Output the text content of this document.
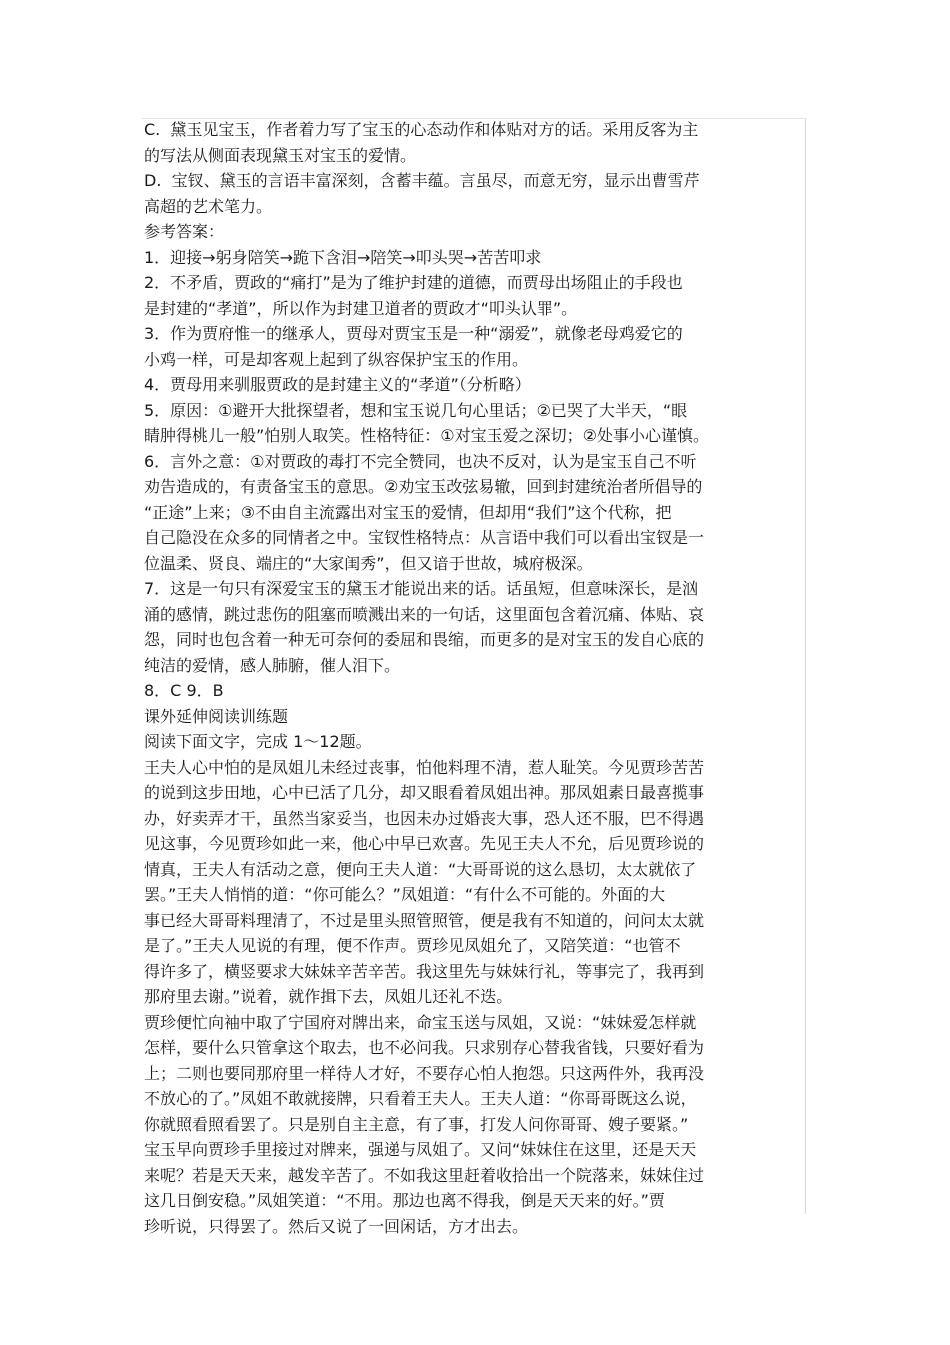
C.  黛玉见宝玉，作者着力写了宝玉的心态动作和体贴对方的话。采用反客为主
的写法从侧面表现黛玉对宝玉的爱情。
D.  宝钗、黛玉的言语丰富深刻，含蓄丰蕴。言虽尽，而意无穷，显示出曹雪芹
高超的艺术笔力。
参考答案：
1．迎接→躬身陪笑→跪下含泪→陪笑→叩头哭→苦苦叩求
2．不矛盾，贾政的“痛打”是为了维护封建的道德，而贾母出场阻止的手段也
是封建的“孝道”，所以作为封建卫道者的贾政才“叩头认罪”。
3．作为贾府惟一的继承人，贾母对贾宝玉是一种“溺爱”，就像老母鸡爱它的
小鸡一样，可是却客观上起到了纵容保护宝玉的作用。
4．贾母用来驯服贾政的是封建主义的“孝道”（分析略）
5．原因：①避开大批探望者，想和宝玉说几句心里话；②已哭了大半天，“眼
睛肿得桃儿一般”怕别人取笑。性格特征：①对宝玉爱之深切；②处事小心谨慎。
6．言外之意：①对贾政的毒打不完全赞同，也决不反对，认为是宝玉自己不听
劝告造成的，有责备宝玉的意思。②劝宝玉改弦易辙，回到封建统治者所倡导的
“正途”上来；③不由自主流露出对宝玉的爱情，但却用“我们”这个代称，把
自己隐没在众多的同情者之中。宝钗性格特点：从言语中我们可以看出宝钗是一
位温柔、贤良、端庄的“大家闺秀”，但又谙于世故，城府极深。
7．这是一句只有深爱宝玉的黛玉才能说出来的话。话虽短，但意味深长，是汹
涌的感情，跳过悲伤的阻塞而喷溅出来的一句话，这里面包含着沉痛、体贴、哀
怨，同时也包含着一种无可奈何的委屈和畏缩，而更多的是对宝玉的发自心底的
纯洁的爱情，感人肺腑，催人泪下。
8．C 9．B
课外延伸阅读训练题
阅读下面文字，完成 1～12题。
王夫人心中怕的是凤姐儿未经过丧事，怕他料理不清，惹人耻笑。今见贾珍苦苦
的说到这步田地，心中已活了几分，却又眼看着凤姐出神。那凤姐素日最喜揽事
办，好卖弄才干，虽然当家妥当，也因未办过婚丧大事，恐人还不服，巴不得遇
见这事，今见贾珍如此一来，他心中早已欢喜。先见王夫人不允，后见贾珍说的
情真，王夫人有活动之意，便向王夫人道：“大哥哥说的这么恳切，太太就依了
罢。”王夫人悄悄的道：“你可能么？”凤姐道：“有什么不可能的。外面的大
事已经大哥哥料理清了，不过是里头照管照管，便是我有不知道的，问问太太就
是了。”王夫人见说的有理，便不作声。贾珍见凤姐允了，又陪笑道：“也管不
得许多了，横竖要求大妹妹辛苦辛苦。我这里先与妹妹行礼，等事完了，我再到
那府里去谢。”说着，就作揖下去，凤姐儿还礼不迭。
贾珍便忙向袖中取了宁国府对牌出来，命宝玉送与凤姐，又说：“妹妹爱怎样就
怎样，要什么只管拿这个取去，也不必问我。只求别存心替我省钱，只要好看为
上；二则也要同那府里一样待人才好，不要存心怕人抱怨。只这两件外，我再没
不放心的了。”凤姐不敢就接牌，只看着王夫人。王夫人道：“你哥哥既这么说，
你就照看照看罢了。只是别自主主意，有了事，打发人问你哥哥、嫂子要紧。”
宝玉早向贾珍手里接过对牌来，强递与凤姐了。又问“妹妹住在这里，还是天天
来呢？若是天天来，越发辛苦了。不如我这里赶着收拾出一个院落来，妹妹住过
这几日倒安稳。”凤姐笑道：“不用。那边也离不得我，倒是天天来的好。”贾
珍听说，只得罢了。然后又说了一回闲话，方才出去。
